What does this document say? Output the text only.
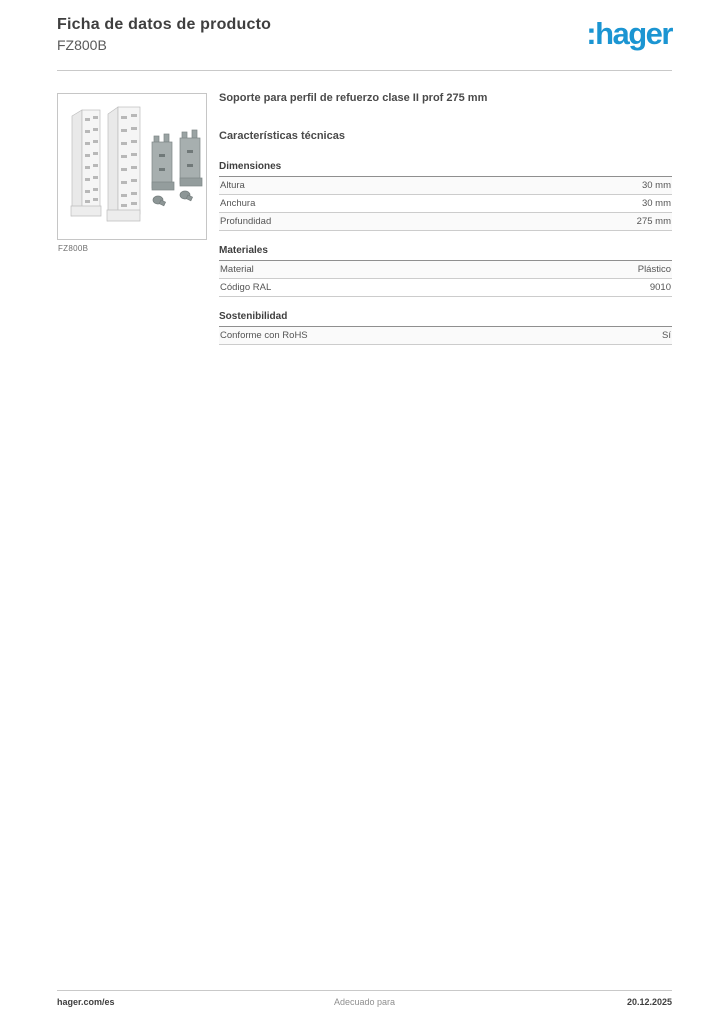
Ficha de datos de producto
FZ800B	:hager
FZ800B
Soporte para perfil de refuerzo clase II prof 275 mm
Características técnicas
Dimensiones
Altura	30 mm
Anchura	30 mm
Profundidad	275 mm
Materiales
Material	Plástico
Código RAL	9010
Sostenibilidad
Conforme con RoHS	Sí
hager.com/es	Adecuado para	20.12.2025
